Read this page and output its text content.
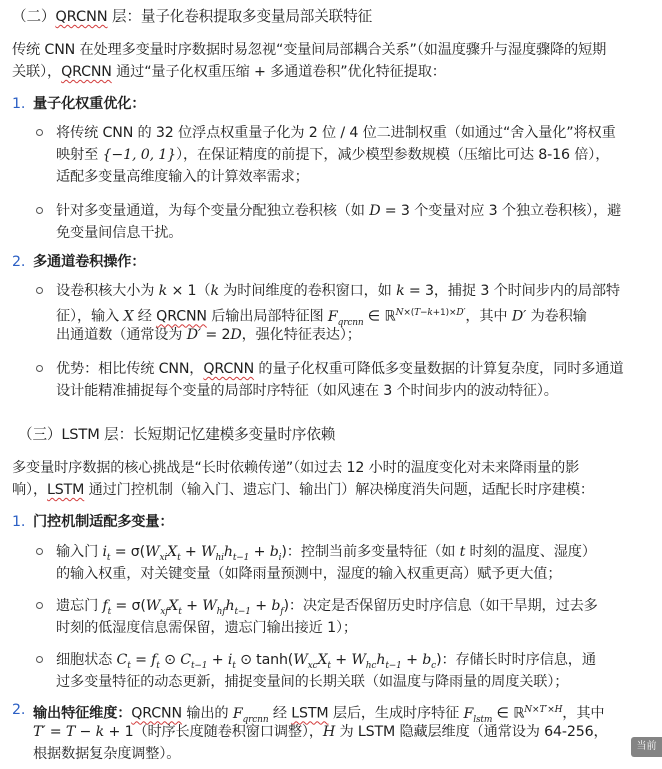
（二）QRCNN 层：量子化卷积提取多变量局部关联特征
传统 CNN 在处理多变量时序数据时易忽视“变量间局部耦合关系”（如温度骤升与湿度骤降的短期
关联），QRCNN 通过“量子化权重压缩 + 多通道卷积”优化特征提取：
1. 量子化权重优化：
将传统 CNN 的 32 位浮点权重量子化为 2 位 / 4 位二进制权重（如通过“舍入量化”将权重
映射至 {−1, 0, 1}），在保证精度的前提下，减少模型参数规模（压缩比可达 8-16 倍），
适配多变量高维度输入的计算效率需求；
针对多变量通道，为每个变量分配独立卷积核（如 D = 3 个变量对应 3 个独立卷积核），避
免变量间信息干扰。
2. 多通道卷积操作：
设卷积核大小为 k × 1（k 为时间维度的卷积窗口，如 k = 3，捕捉 3 个时间步内的局部特
征），输入 X 经 QRCNN 后输出局部特征图 $F_{qrcnn}$ ∈ ℝ$^{N\times(T-k+1)\times D'}$，其中 D′ 为卷积输
出通道数（通常设为 D′ = 2D，强化特征表达）；
优势：相比传统 CNN，QRCNN 的量子化权重可降低多变量数据的计算复杂度，同时多通道
设计能精准捕捉每个变量的局部时序特征（如风速在 3 个时间步内的波动特征）。
（三）LSTM 层：长短期记忆建模多变量时序依赖
多变量时序数据的核心挑战是“长时依赖传递”（如过去 12 小时的温度变化对未来降雨量的影
响），LSTM 通过门控机制（输入门、遗忘门、输出门）解决梯度消失问题，适配长时序建模：
1. 门控机制适配多变量：
输入门 $i_t = \sigma(W_{xi}X_t + W_{hi}h_{t-1} + b_i)$：控制当前多变量特征（如 t 时刻的温度、湿度）
的输入权重，对关键变量（如降雨量预测中，湿度的输入权重更高）赋予更大值；
遗忘门 $f_t = \sigma(W_{xf}X_t + W_{hf}h_{t-1} + b_f)$：决定是否保留历史时序信息（如干旱期，过去多
时刻的低湿度信息需保留，遗忘门输出接近 1）；
细胞状态 $C_t = f_t$ ⊙ $C_{t-1} + i_t$ ⊙ $\tanh(W_{xc}X_t + W_{hc}h_{t-1} + b_c)$：存储长时时序信息，通
过多变量特征的动态更新，捕捉变量间的长期关联（如温度与降雨量的周度关联）；
2. 输出特征维度：QRCNN 输出的 $F_{qrcnn}$ 经 LSTM 层后，生成时序特征 $F_{lstm}$ ∈ ℝ$^{N\times T'\times H}$，其中
T′ = T − k + 1（时序长度随卷积窗口调整），H 为 LSTM 隐藏层维度（通常设为 64-256，
根据数据复杂度调整）。	当前
